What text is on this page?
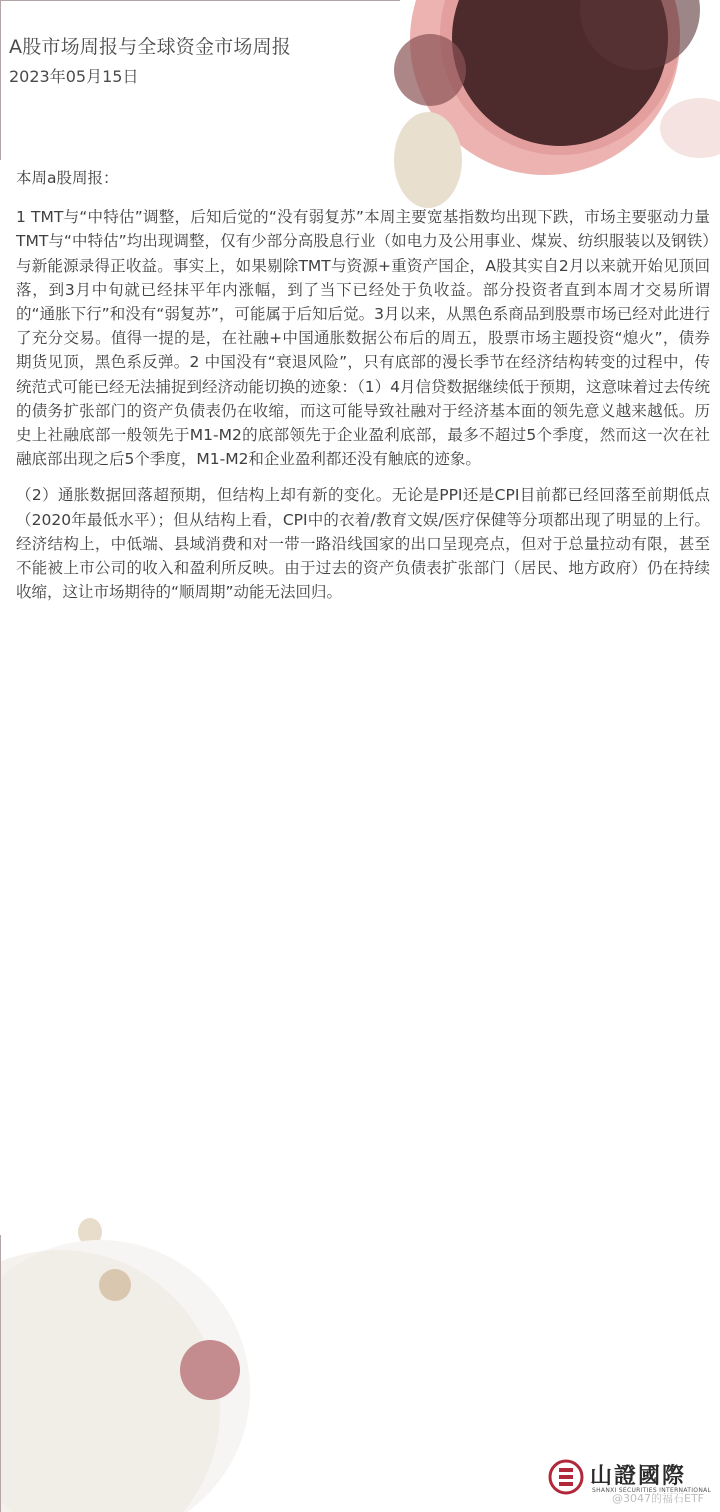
A股市场周报与全球资金市场周报
2023年05月15日

本周a股周报：

1 TMT与“中特估”调整，后知后觉的“没有弱复苏”本周主要宽基指数均出现下跌，市场主要驱动力量TMT与“中特估”均出现调整，仅有少部分高股息行业（如电力及公用事业、煤炭、纺织服装以及钢铁）与新能源录得正收益。事实上，如果剔除TMT与资源+重资产国企，A股其实自2月以来就开始见顶回落，到3月中旬就已经抹平年内涨幅，到了当下已经处于负收益。部分投资者直到本周才交易所谓的“通胀下行”和没有“弱复苏”，可能属于后知后觉。3月以来，从黑色系商品到股票市场已经对此进行了充分交易。值得一提的是，在社融+中国通胀数据公布后的周五，股票市场主题投资“熄火”，债券期货见顶，黑色系反弹。2 中国没有“衰退风险”，只有底部的漫长季节在经济结构转变的过程中，传统范式可能已经无法捕捉到经济动能切换的迹象：（1）4月信贷数据继续低于预期，这意味着过去传统的债务扩张部门的资产负债表仍在收缩，而这可能导致社融对于经济基本面的领先意义越来越低。历史上社融底部一般领先于M1-M2的底部领先于企业盈利底部，最多不超过5个季度，然而这一次在社融底部出现之后5个季度，M1-M2和企业盈利都还没有触底的迹象。

（2）通胀数据回落超预期，但结构上却有新的变化。无论是PPI还是CPI目前都已经回落至前期低点（2020年最低水平）；但从结构上看，CPI中的衣着/教育文娱/医疗保健等分项都出现了明显的上行。经济结构上，中低端、县域消费和对一带一路沿线国家的出口呈现亮点，但对于总量拉动有限，甚至不能被上市公司的收入和盈利所反映。由于过去的资产负债表扩张部门（居民、地方政府）仍在持续收缩，这让市场期待的“顺周期”动能无法回归。

山證國際
SHANXI SECURITIES INTERNATIONAL
@3047的福石ETF
